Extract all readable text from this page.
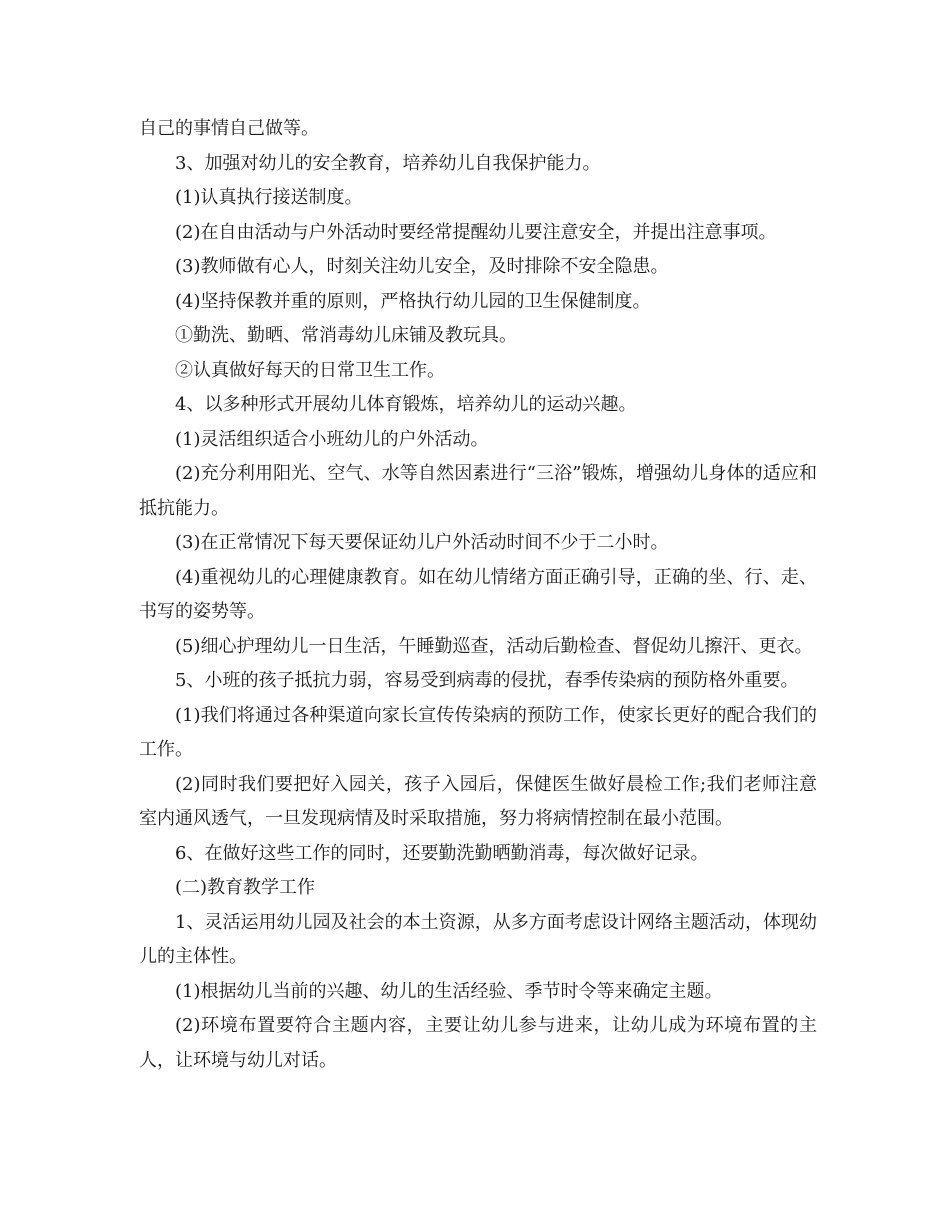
自己的事情自己做等。

3、加强对幼儿的安全教育，培养幼儿自我保护能力。

(1)认真执行接送制度。

(2)在自由活动与户外活动时要经常提醒幼儿要注意安全，并提出注意事项。

(3)教师做有心人，时刻关注幼儿安全，及时排除不安全隐患。

(4)坚持保教并重的原则，严格执行幼儿园的卫生保健制度。

①勤洗、勤晒、常消毒幼儿床铺及教玩具。

②认真做好每天的日常卫生工作。

4、以多种形式开展幼儿体育锻炼，培养幼儿的运动兴趣。

(1)灵活组织适合小班幼儿的户外活动。

(2)充分利用阳光、空气、水等自然因素进行“三浴”锻炼，增强幼儿身体的适应和抵抗能力。

(3)在正常情况下每天要保证幼儿户外活动时间不少于二小时。

(4)重视幼儿的心理健康教育。如在幼儿情绪方面正确引导，正确的坐、行、走、书写的姿势等。

(5)细心护理幼儿一日生活，午睡勤巡查，活动后勤检查、督促幼儿擦汗、更衣。

5、小班的孩子抵抗力弱，容易受到病毒的侵扰，春季传染病的预防格外重要。

(1)我们将通过各种渠道向家长宣传传染病的预防工作，使家长更好的配合我们的工作。

(2)同时我们要把好入园关，孩子入园后，保健医生做好晨检工作;我们老师注意室内通风透气，一旦发现病情及时采取措施，努力将病情控制在最小范围。

6、在做好这些工作的同时，还要勤洗勤晒勤消毒，每次做好记录。

(二)教育教学工作

1、灵活运用幼儿园及社会的本土资源，从多方面考虑设计网络主题活动，体现幼儿的主体性。

(1)根据幼儿当前的兴趣、幼儿的生活经验、季节时令等来确定主题。

(2)环境布置要符合主题内容，主要让幼儿参与进来，让幼儿成为环境布置的主人，让环境与幼儿对话。
